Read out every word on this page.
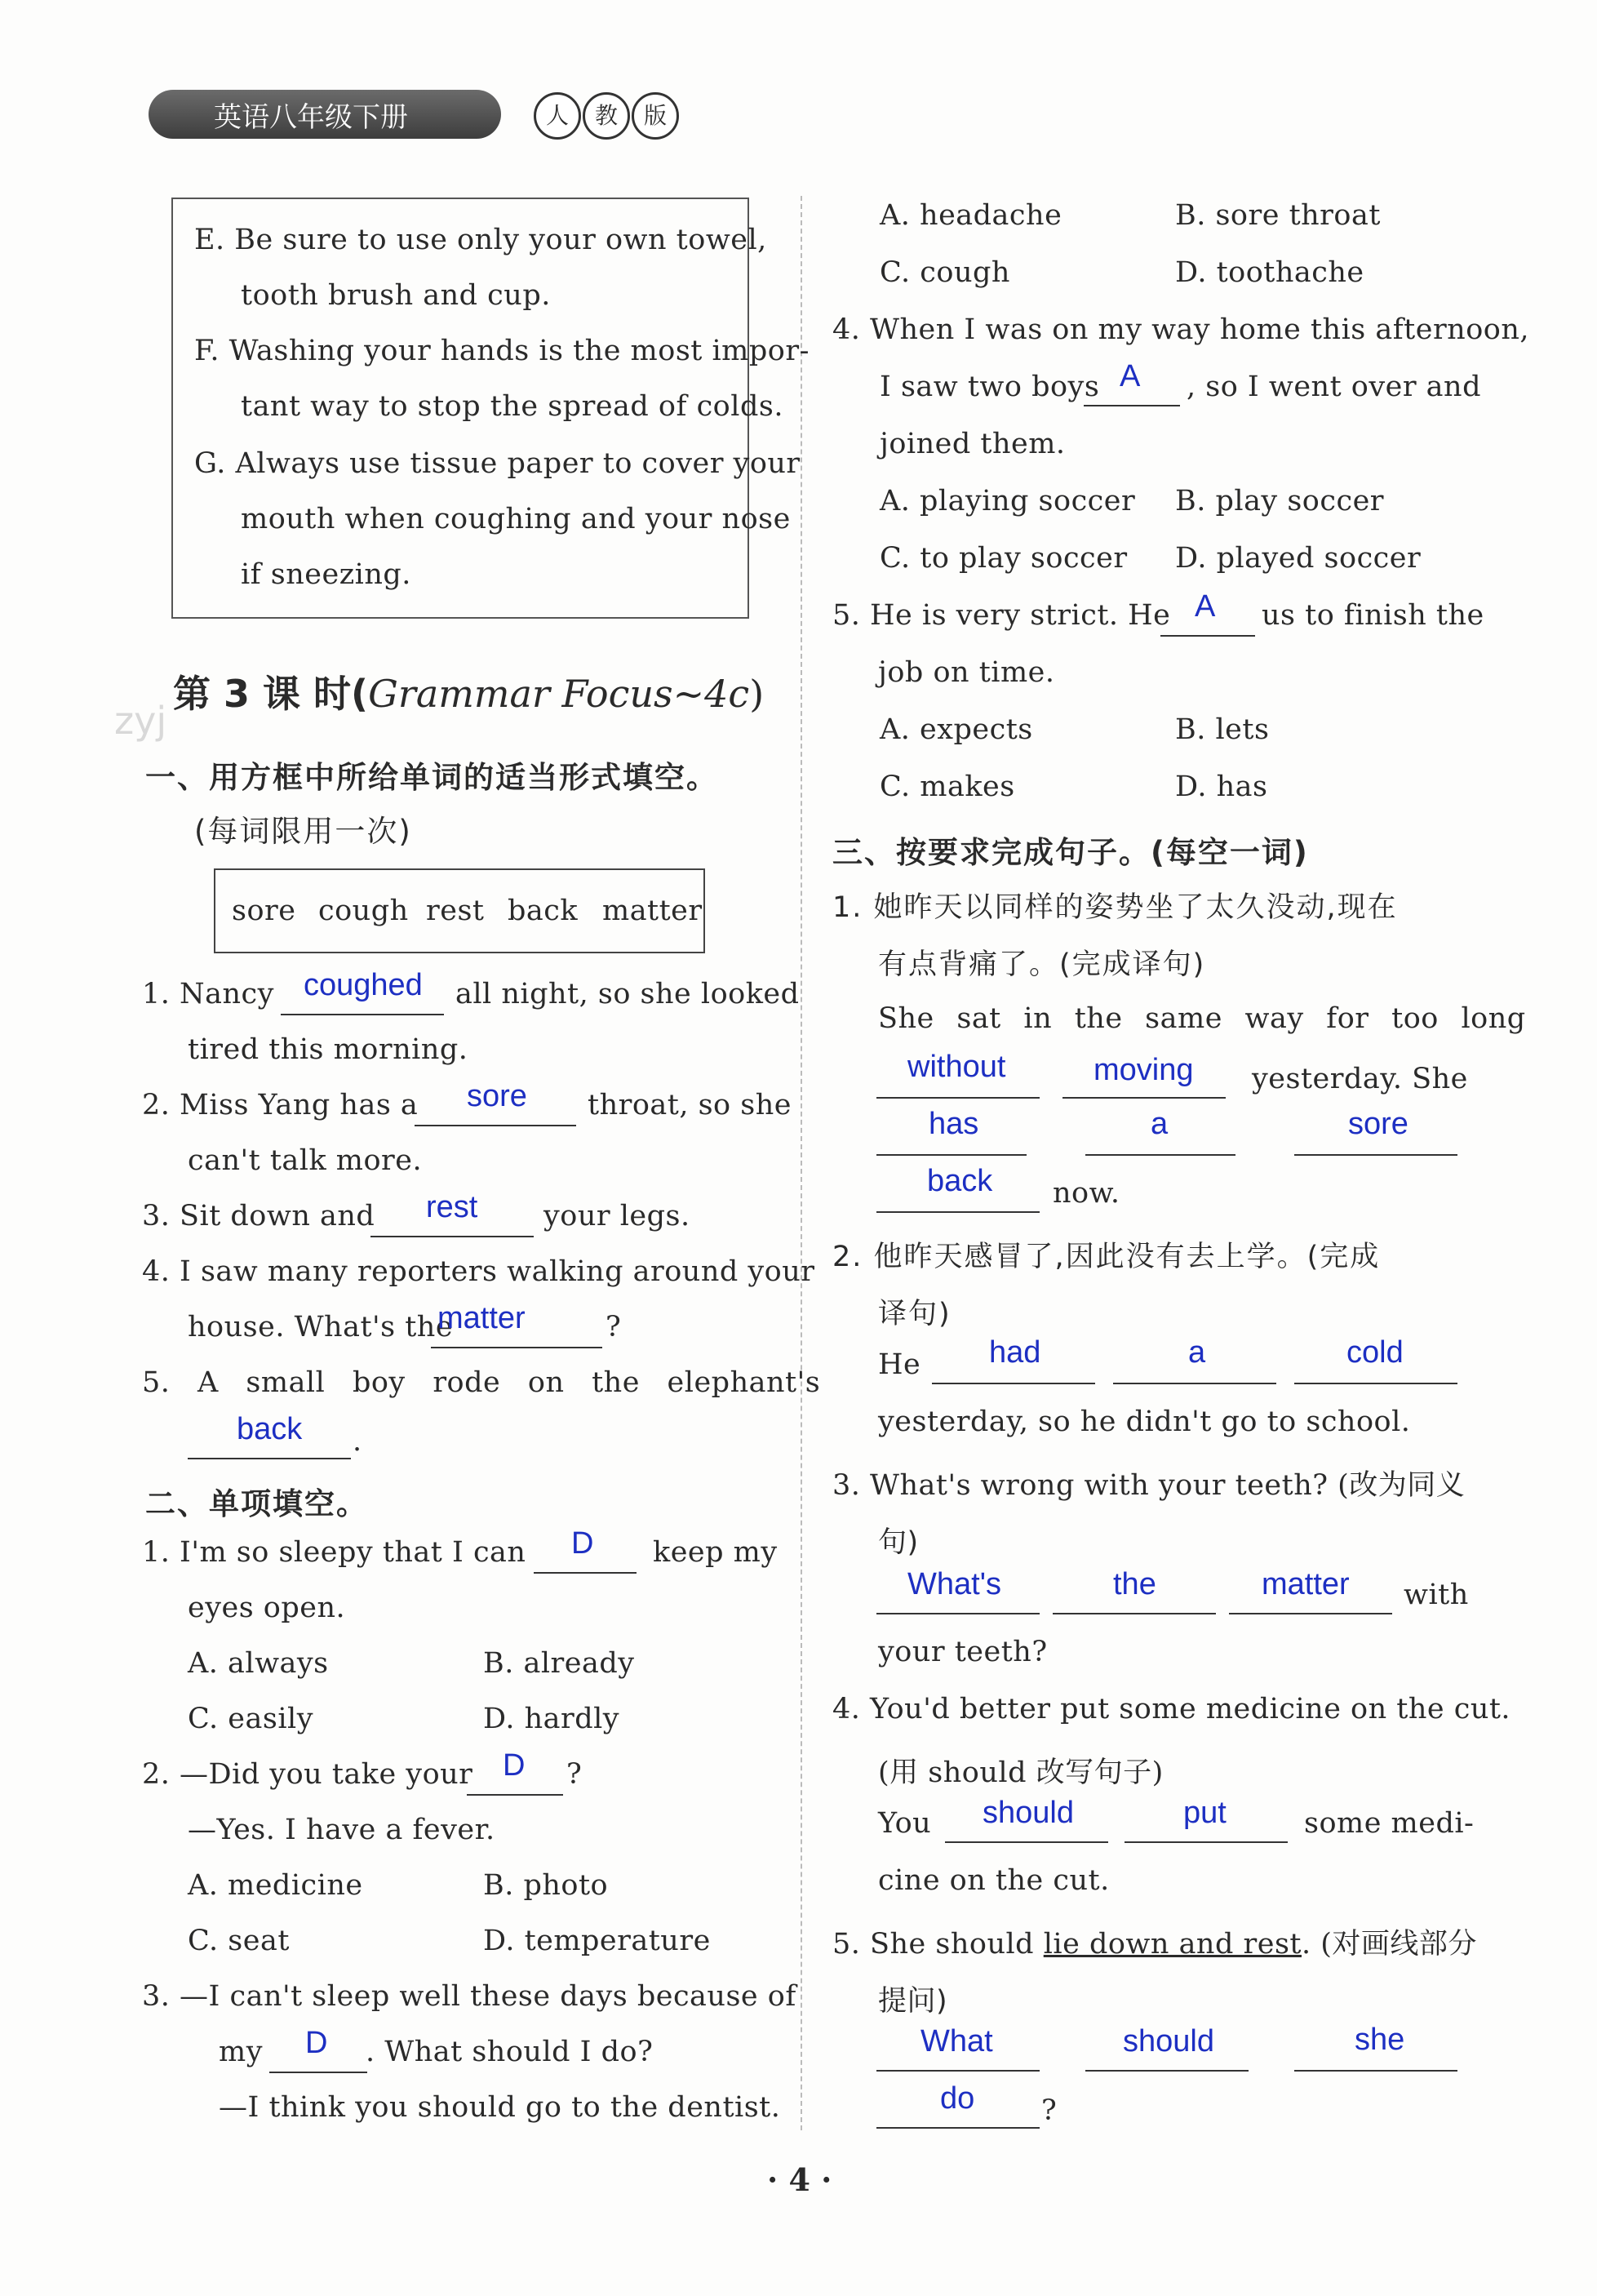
英语八年级下册	人	教	版
E. Be sure to use only your own towel,
tooth brush and cup.
F. Washing your hands is the most impor-
tant way to stop the spread of colds.
G. Always use tissue paper to cover your
mouth when coughing and your nose
if sneezing.
第 3 课 时(Grammar Focus~4c)
zyj
一、用方框中所给单词的适当形式填空。
(每词限用一次)
sore cough rest back matter
1. Nancy coughed all night, so she looked
tired this morning.
2. Miss Yang has a sore throat, so she
can't talk more.
3. Sit down and rest your legs.
4. I saw many reporters walking around your
house. What's the
matter	?
5. A small boy rode on the elephant's
back .
二、单项填空。
1. I'm so sleepy that I can D keep my
eyes open.
A. always	B. already
C. easily	D. hardly
2. —Did you take your D ?
—Yes. I have a fever.
A. medicine	B. photo
C. seat	D. temperature
3. —I can't sleep well these days because of
my D . What should I do?
—I think you should go to the dentist.
A. headache	B. sore throat
C. cough	D. toothache
4. When I was on my way home this afternoon,
I saw two boys A , so I went over and
joined them.
A. playing soccer B. play soccer
C. to play soccer D. played soccer
5. He is very strict. He A us to finish the
job on time.
A. expects	B. lets
C. makes	D. has
三、按要求完成句子。(每空一词)
1. 她昨天以同样的姿势坐了太久没动,现在
有点背痛了。(完成译句)
She sat in the same way for too long
without	moving yesterday. She
has	a	sore
back now.
2. 他昨天感冒了,因此没有去上学。(完成
译句)
He had	a	cold
yesterday, so he didn't go to school.
3. What's wrong with your teeth? (改为同义
句)
What's	the	matter with
your teeth?
4. You'd better put some medicine on the cut.
(用 should 改写句子)
You should	put	some medi-
cine on the cut.
5. She should lie down and rest. (对画线部分
提问)
What	should	she
do ?
· 4 ·
